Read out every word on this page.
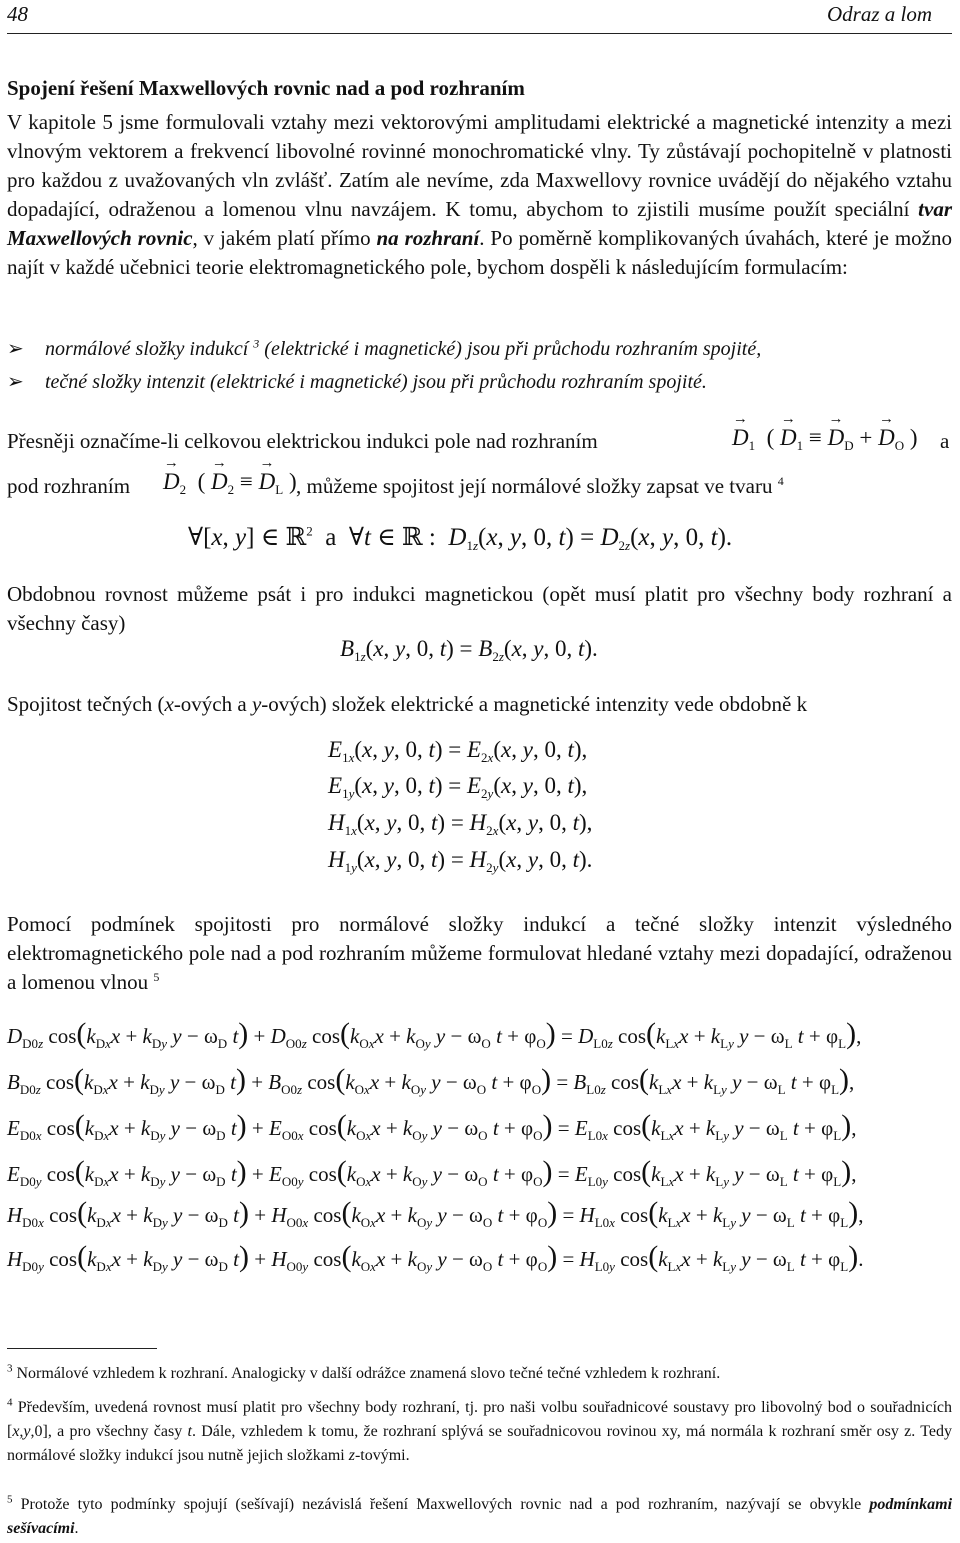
48	Odraz a lom
Spojení řešení Maxwellových rovnic nad a pod rozhraním
V kapitole 5 jsme formulovali vztahy mezi vektorovými amplitudami elektrické a magnetické intenzity a mezi vlnovým vektorem a frekvencí libovolné rovinné monochromatické vlny. Ty zůstávají pochopitelně v platnosti pro každou z uvažovaných vln zvlášť. Zatím ale nevíme, zda Maxwellovy rovnice uvádějí do nějakého vztahu dopadající, odraženou a lomenou vlnu navzájem. K tomu, abychom to zjistili musíme použít speciální tvar Maxwellových rovnic, v jakém platí přímo na rozhraní. Po poměrně komplikovaných úvahách, které je možno najít v každé učebnici teorie elektromagnetického pole, bychom dospěli k následujícím formulacím:
➢ normálové složky indukcí $^3$ (elektrické i magnetické) jsou při průchodu rozhraním spojité,
➢ tečné složky intenzit (elektrické i magnetické) jsou při průchodu rozhraním spojité.
Přesněji označíme-li celkovou elektrickou indukci pole nad rozhraním	→ $D_1$  ( → $D_1$ ≡ → $D_D$ + → $D_O$ ) a
pod rozhraním	→ $D_2$  ( → $D_2$ ≡ → $D_L$ ) , můžeme spojitost její normálové složky zapsat ve tvaru $^4$
∀[x, y] ∈ ℝ$^2$  a  ∀t ∈ ℝ :  $D_{1z}(x$, y, 0, $t) = D_{2z}(x$, y, 0, t).
Obdobnou rovnost můžeme psát i pro indukci magnetickou (opět musí platit pro všechny body rozhraní a všechny časy)
$B_{1z}(x$, y, 0, $t) = B_{2z}(x$, y, 0, t).
Spojitost tečných (x-ových a y-ových) složek elektrické a magnetické intenzity vede obdobně k
$E_{1x}(x$, y, 0, $t) = E_{2x}(x$, y, 0, t),
$E_{1y}(x$, y, 0, $t) = E_{2y}(x$, y, 0, t),
$H_{1x}(x$, y, 0, $t) = H_{2x}(x$, y, 0, t),
$H_{1y}(x$, y, 0, $t) = H_{2y}(x$, y, 0, t).
Pomocí podmínek spojitosti pro normálové složky indukcí a tečné složky intenzit výsledného elektromagnetického pole nad a pod rozhraním můžeme formulovat hledané vztahy mezi dopadající, odraženou a lomenou vlnou $^5$
$D_{D0z}$ $\cos(k_{Dx}x + k_{Dy}$ $y - \omega_D$ $t) + D_{O0z}$ $\cos(k_{Ox}x + k_{Oy}$ $y - \omega_O$ $t + \varphi_O) = D_{L0z}$ $\cos(k_{Lx}x + k_{Ly}$ $y - \omega_L$ $t + \varphi_L$),
$B_{D0z}$ $\cos(k_{Dx}x + k_{Dy}$ $y - \omega_D$ $t) + B_{O0z}$ $\cos(k_{Ox}x + k_{Oy}$ $y - \omega_O$ $t + \varphi_O) = B_{L0z}$ $\cos(k_{Lx}x + k_{Ly}$ $y - \omega_L$ $t + \varphi_L$),
$E_{D0x}$ $\cos(k_{Dx}x + k_{Dy}$ $y - \omega_D$ $t) + E_{O0x}$ $\cos(k_{Ox}x + k_{Oy}$ $y - \omega_O$ $t + \varphi_O) = E_{L0x}$ $\cos(k_{Lx}x + k_{Ly}$ $y - \omega_L$ $t + \varphi_L$),
$E_{D0y}$ $\cos(k_{Dx}x + k_{Dy}$ $y - \omega_D$ $t) + E_{O0y}$ $\cos(k_{Ox}x + k_{Oy}$ $y - \omega_O$ $t + \varphi_O) = E_{L0y}$ $\cos(k_{Lx}x + k_{Ly}$ $y - \omega_L$ $t + \varphi_L$),
$H_{D0x}$ $\cos(k_{Dx}x + k_{Dy}$ $y - \omega_D$ $t) + H_{O0x}$ $\cos(k_{Ox}x + k_{Oy}$ $y - \omega_O$ $t + \varphi_O) = H_{L0x}$ $\cos(k_{Lx}x + k_{Ly}$ $y - \omega_L$ $t + \varphi_L$),
$H_{D0y}$ $\cos(k_{Dx}x + k_{Dy}$ $y - \omega_D$ $t) + H_{O0y}$ $\cos(k_{Ox}x + k_{Oy}$ $y - \omega_O$ $t + \varphi_O) = H_{L0y}$ $\cos(k_{Lx}x + k_{Ly}$ $y - \omega_L$ $t + \varphi_L$).
$^3$ Normálové vzhledem k rozhraní. Analogicky v další odrážce znamená slovo tečné tečné vzhledem k rozhraní.
$^4$ Především, uvedená rovnost musí platit pro všechny body rozhraní, tj. pro naši volbu souřadnicové soustavy pro libovolný bod o souřadnicích [x,y,0], a pro všechny časy t. Dále, vzhledem k tomu, že rozhraní splývá se souřadnicovou rovinou xy, má normála k rozhraní směr osy z. Tedy normálové složky indukcí jsou nutně jejich složkami z-tovými.
$^5$ Protože tyto podmínky spojují (sešívají) nezávislá řešení Maxwellových rovnic nad a pod rozhraním, nazývají se obvykle podmínkami sešívacími.
